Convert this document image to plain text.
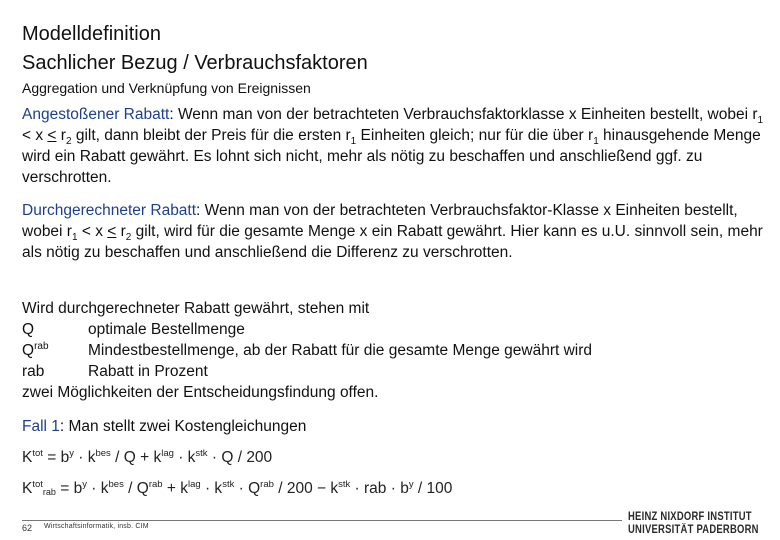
Modelldefinition
Sachlicher Bezug / Verbrauchsfaktoren
Aggregation und Verknüpfung von Ereignissen
Angestoßener Rabatt: Wenn man von der betrachteten Verbrauchsfaktorklasse x Einheiten bestellt, wobei $r_1 < x \le r_2$ gilt, dann bleibt der Preis für die ersten $r_1$ Einheiten gleich; nur für die über $r_1$ hinausgehende Menge wird ein Rabatt gewährt. Es lohnt sich nicht, mehr als nötig zu beschaffen und anschließend ggf. zu verschrotten.
Durchgerechneter Rabatt: Wenn man von der betrachteten Verbrauchsfaktor-Klasse x Einheiten bestellt, wobei $r_1 < x \le r_2$ gilt, wird für die gesamte Menge x ein Rabatt gewährt. Hier kann es u.U. sinnvoll sein, mehr als nötig zu beschaffen und anschließend die Differenz zu verschrotten.
Wird durchgerechneter Rabatt gewährt, stehen mit
Q	optimale Bestellmenge
$Q^{rab}$	Mindestbestellmenge, ab der Rabatt für die gesamte Menge gewährt wird
rab	Rabatt in Prozent
zwei Möglichkeiten der Entscheidungsfindung offen.
Fall 1: Man stellt zwei Kostengleichungen
$K^{tot} = b^y \cdot k^{bes} / Q + k^{lag} \cdot k^{stk} \cdot Q / 200$
$K^{tot}rab = b^y \cdot k^{bes} / Q^{rab} + k^{lag} \cdot k^{stk} \cdot Q^{rab} / 200 - k^{stk}$ · rab · $b^y / 100$
62 Wirtschaftsinformatik, insb. CIM
HEINZ NIXDORF INSTITUT
UNIVERSITÄT PADERBORN
